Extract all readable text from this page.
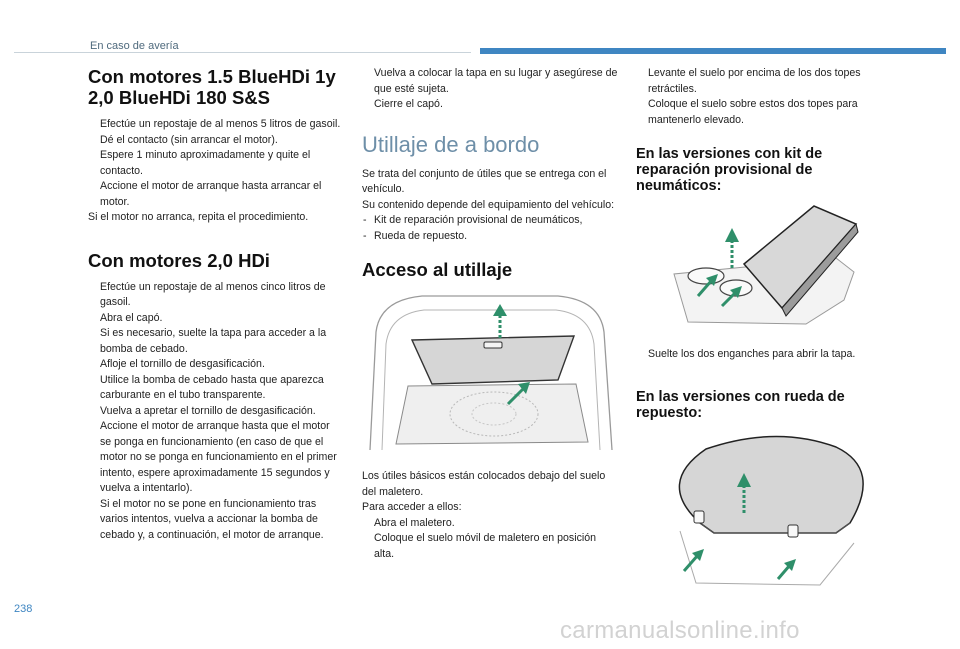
En caso de avería
Con motores 1.5 BlueHDi 1y 2,0 BlueHDi 180 S&S
Efectúe un repostaje de al menos 5 litros de gasoil.
Dé el contacto (sin arrancar el motor).
Espere 1 minuto aproximadamente y quite el contacto.
Accione el motor de arranque hasta arrancar el motor.

Si el motor no arranca, repita el procedimiento.

Con motores 2,0 HDi
Efectúe un repostaje de al menos cinco litros de gasoil.
Abra el capó.
Si es necesario, suelte la tapa para acceder a la bomba de cebado.
Afloje el tornillo de desgasificación.
Utilice la bomba de cebado hasta que aparezca carburante en el tubo transparente.
Vuelva a apretar el tornillo de desgasificación.
Accione el motor de arranque hasta que el motor se ponga en funcionamiento (en caso de que el motor no se ponga en funcionamiento en el primer intento, espere aproximadamente 15 segundos y vuelva a intentarlo).
Si el motor no se pone en funcionamiento tras varios intentos, vuelva a accionar la bomba de cebado y, a continuación, el motor de arranque.
Vuelva a colocar la tapa en su lugar y asegúrese de que esté sujeta.
Cierre el capó.
Utillaje de a bordo

Se trata del conjunto de útiles que se entrega con el vehículo.

Su contenido depende del equipamiento del vehículo:

- Kit de reparación provisional de neumáticos,
- Rueda de repuesto.
Acceso al utillaje

Los útiles básicos están colocados debajo del suelo del maletero.

Para acceder a ellos:

Abra el maletero.
Coloque el suelo móvil de maletero en posición alta.
Levante el suelo por encima de los dos topes retráctiles.
Coloque el suelo sobre estos dos topes para mantenerlo elevado.
En las versiones con kit de reparación provisional de neumáticos:
Suelte los dos enganches para abrir la tapa.
En las versiones con rueda de repuesto:
238
carmanualsonline.info
